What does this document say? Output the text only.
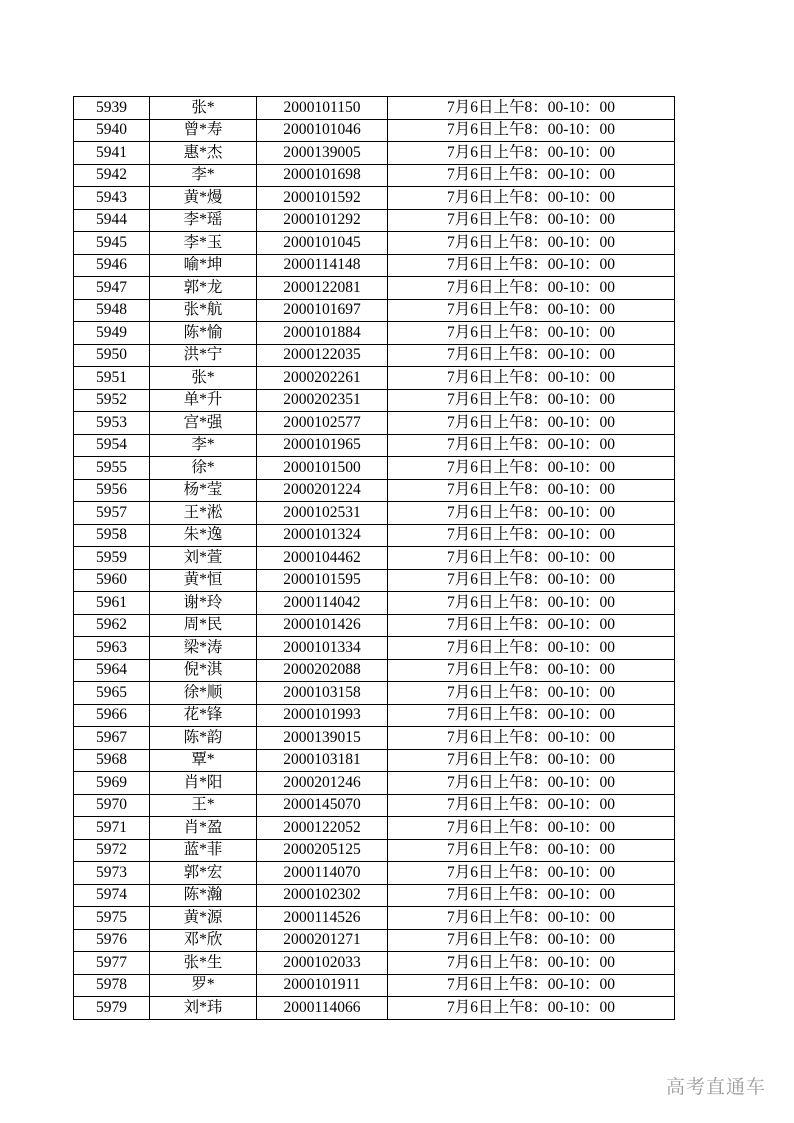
5939	张*	2000101150	7月6日上午8：00-10：00
5940	曾*寿	2000101046	7月6日上午8：00-10：00
5941	惠*杰	2000139005	7月6日上午8：00-10：00
5942	李*	2000101698	7月6日上午8：00-10：00
5943	黄*熳	2000101592	7月6日上午8：00-10：00
5944	李*瑶	2000101292	7月6日上午8：00-10：00
5945	李*玉	2000101045	7月6日上午8：00-10：00
5946	喻*坤	2000114148	7月6日上午8：00-10：00
5947	郭*龙	2000122081	7月6日上午8：00-10：00
5948	张*航	2000101697	7月6日上午8：00-10：00
5949	陈*愉	2000101884	7月6日上午8：00-10：00
5950	洪*宁	2000122035	7月6日上午8：00-10：00
5951	张*	2000202261	7月6日上午8：00-10：00
5952	单*升	2000202351	7月6日上午8：00-10：00
5953	宫*强	2000102577	7月6日上午8：00-10：00
5954	李*	2000101965	7月6日上午8：00-10：00
5955	徐*	2000101500	7月6日上午8：00-10：00
5956	杨*莹	2000201224	7月6日上午8：00-10：00
5957	王*淞	2000102531	7月6日上午8：00-10：00
5958	朱*逸	2000101324	7月6日上午8：00-10：00
5959	刘*萱	2000104462	7月6日上午8：00-10：00
5960	黄*恒	2000101595	7月6日上午8：00-10：00
5961	谢*玲	2000114042	7月6日上午8：00-10：00
5962	周*民	2000101426	7月6日上午8：00-10：00
5963	梁*涛	2000101334	7月6日上午8：00-10：00
5964	倪*淇	2000202088	7月6日上午8：00-10：00
5965	徐*顺	2000103158	7月6日上午8：00-10：00
5966	花*锋	2000101993	7月6日上午8：00-10：00
5967	陈*韵	2000139015	7月6日上午8：00-10：00
5968	覃*	2000103181	7月6日上午8：00-10：00
5969	肖*阳	2000201246	7月6日上午8：00-10：00
5970	王*	2000145070	7月6日上午8：00-10：00
5971	肖*盈	2000122052	7月6日上午8：00-10：00
5972	蓝*菲	2000205125	7月6日上午8：00-10：00
5973	郭*宏	2000114070	7月6日上午8：00-10：00
5974	陈*瀚	2000102302	7月6日上午8：00-10：00
5975	黄*源	2000114526	7月6日上午8：00-10：00
5976	邓*欣	2000201271	7月6日上午8：00-10：00
5977	张*生	2000102033	7月6日上午8：00-10：00
5978	罗*	2000101911	7月6日上午8：00-10：00
5979	刘*玮	2000114066	7月6日上午8：00-10：00
高考直通车
